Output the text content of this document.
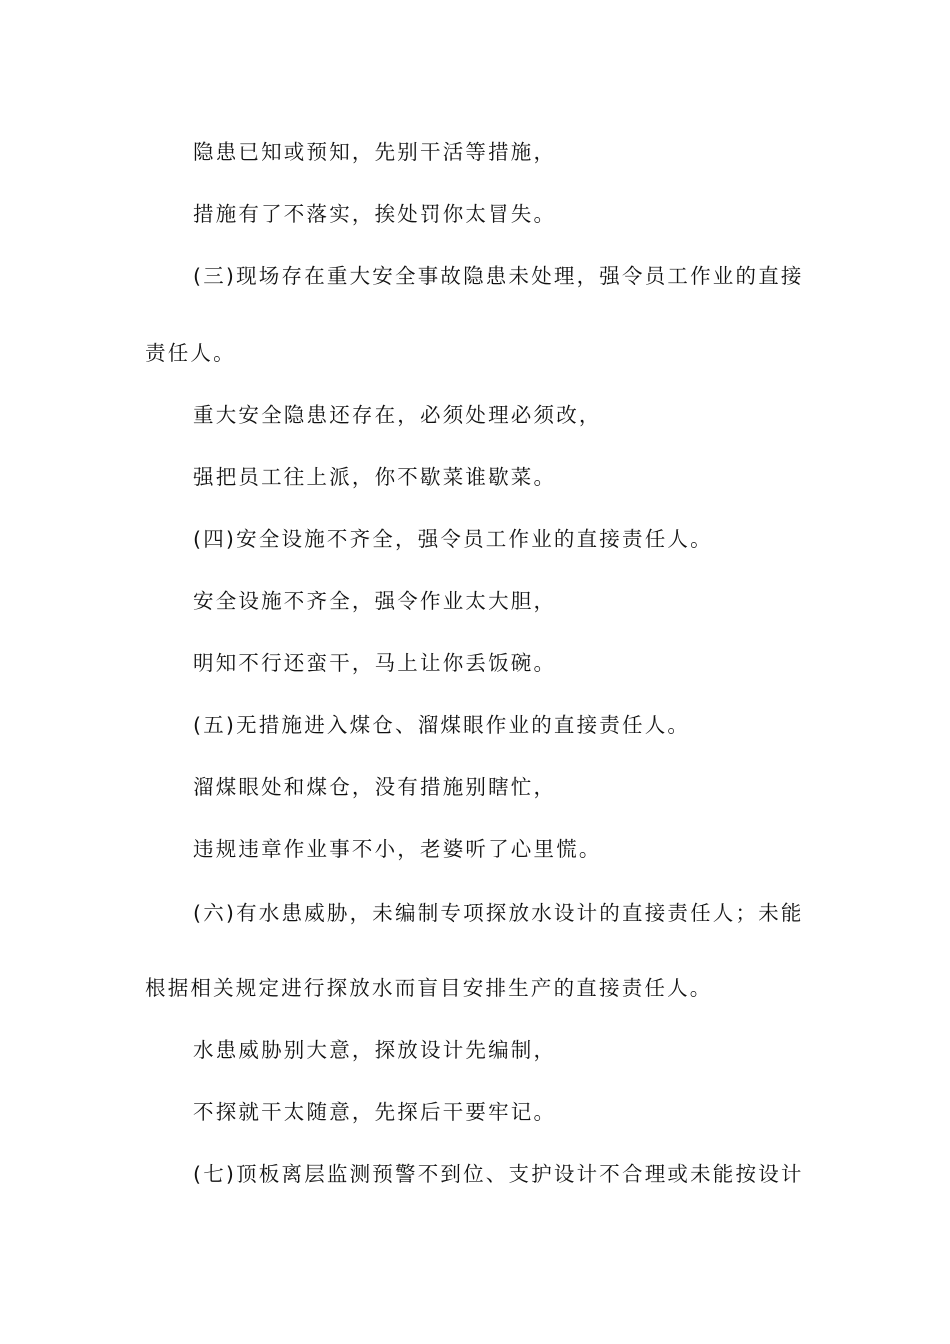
隐患已知或预知，先别干活等措施，
措施有了不落实，挨处罚你太冒失。
(三)现场存在重大安全事故隐患未处理，强令员工作业的直接
责任人。
重大安全隐患还存在，必须处理必须改，
强把员工往上派，你不歇菜谁歇菜。
(四)安全设施不齐全，强令员工作业的直接责任人。
安全设施不齐全，强令作业太大胆，
明知不行还蛮干，马上让你丢饭碗。
(五)无措施进入煤仓、溜煤眼作业的直接责任人。
溜煤眼处和煤仓，没有措施别瞎忙，
违规违章作业事不小，老婆听了心里慌。
(六)有水患威胁，未编制专项探放水设计的直接责任人；未能
根据相关规定进行探放水而盲目安排生产的直接责任人。
水患威胁别大意，探放设计先编制，
不探就干太随意，先探后干要牢记。
(七)顶板离层监测预警不到位、支护设计不合理或未能按设计
